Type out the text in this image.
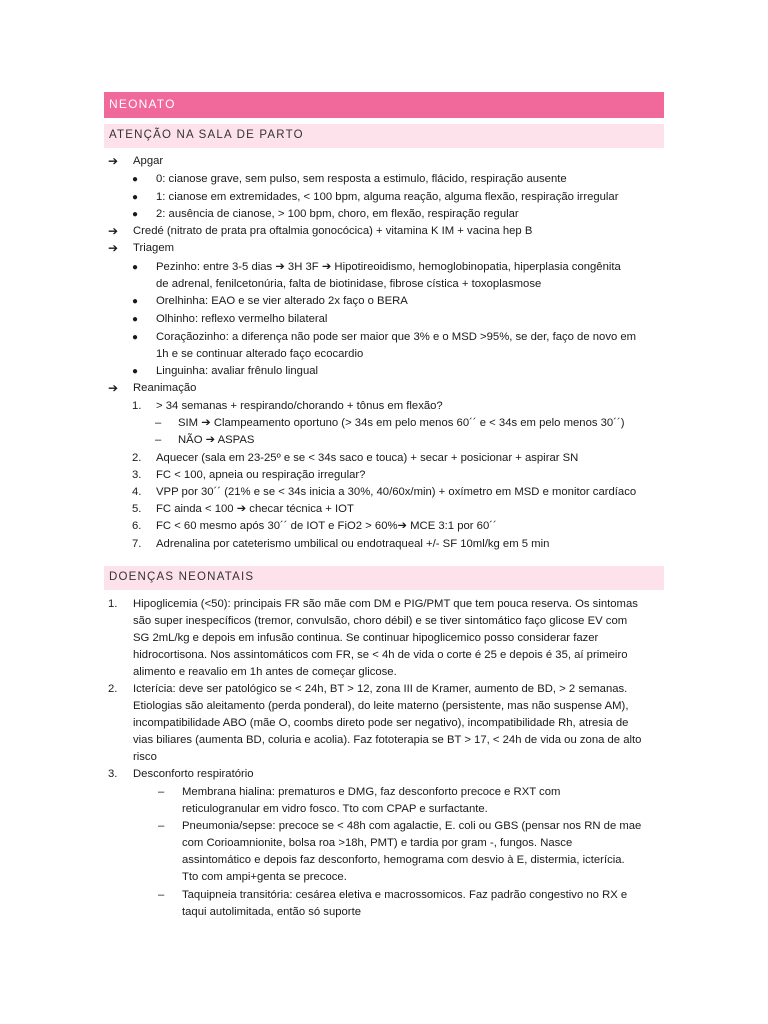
NEONATO
ATENÇÃO NA SALA DE PARTO
➔ Apgar
● 0: cianose grave, sem pulso, sem resposta a estimulo, flácido, respiração ausente
● 1: cianose em extremidades, < 100 bpm, alguma reação, alguma flexão, respiração irregular
● 2: ausência de cianose, > 100 bpm, choro, em flexão, respiração regular
➔ Credé (nitrato de prata pra oftalmia gonocócica) + vitamina K IM + vacina hep B
➔ Triagem
● Pezinho: entre 3-5 dias ➔ 3H 3F ➔ Hipotireoidismo, hemoglobinopatia, hiperplasia congênita
de adrenal, fenilcetonúria, falta de biotinidase, fibrose cística + toxoplasmose
● Orelhinha: EAO e se vier alterado 2x faço o BERA
● Olhinho: reflexo vermelho bilateral
● Coraçãozinho: a diferença não pode ser maior que 3% e o MSD >95%, se der, faço de novo em
1h e se continuar alterado faço ecocardio
● Linguinha: avaliar frênulo lingual
➔ Reanimação
1. > 34 semanas + respirando/chorando + tônus em flexão?
– SIM ➔ Clampeamento oportuno (> 34s em pelo menos 60´´ e < 34s em pelo menos 30´´)
– NÃO ➔ ASPAS
2. Aquecer (sala em 23-25º e se < 34s saco e touca) + secar + posicionar + aspirar SN
3. FC < 100, apneia ou respiração irregular?
4. VPP por 30´´ (21% e se < 34s inicia a 30%, 40/60x/min) + oxímetro em MSD e monitor cardíaco
5. FC ainda < 100 ➔ checar técnica + IOT
6. FC < 60 mesmo após 30´´ de IOT e FiO2 > 60%➔ MCE 3:1 por 60´´
7. Adrenalina por cateterismo umbilical ou endotraqueal +/- SF 10ml/kg em 5 min
DOENÇAS NEONATAIS
1. Hipoglicemia (<50): principais FR são mãe com DM e PIG/PMT que tem pouca reserva. Os sintomas
são super inespecíficos (tremor, convulsão, choro débil) e se tiver sintomático faço glicose EV com
SG 2mL/kg e depois em infusão continua. Se continuar hipoglicemico posso considerar fazer
hidrocortisona. Nos assintomáticos com FR, se < 4h de vida o corte é 25 e depois é 35, aí primeiro
alimento e reavalio em 1h antes de começar glicose.
2. Icterícia: deve ser patológico se < 24h, BT > 12, zona III de Kramer, aumento de BD, > 2 semanas.
Etiologias são aleitamento (perda ponderal), do leite materno (persistente, mas não suspense AM),
incompatibilidade ABO (mãe O, coombs direto pode ser negativo), incompatibilidade Rh, atresia de
vias biliares (aumenta BD, coluria e acolia). Faz fototerapia se BT > 17, < 24h de vida ou zona de alto
risco
3. Desconforto respiratório
– Membrana hialina: prematuros e DMG, faz desconforto precoce e RXT com
reticulogranular em vidro fosco. Tto com CPAP e surfactante.
– Pneumonia/sepse: precoce se < 48h com agalactie, E. coli ou GBS (pensar nos RN de mae
com Corioamnionite, bolsa roa >18h, PMT) e tardia por gram -, fungos. Nasce
assintomático e depois faz desconforto, hemograma com desvio à E, distermia, icterícia.
Tto com ampi+genta se precoce.
– Taquipneia transitória: cesárea eletiva e macrossomicos. Faz padrão congestivo no RX e
taqui autolimitada, então só suporte
